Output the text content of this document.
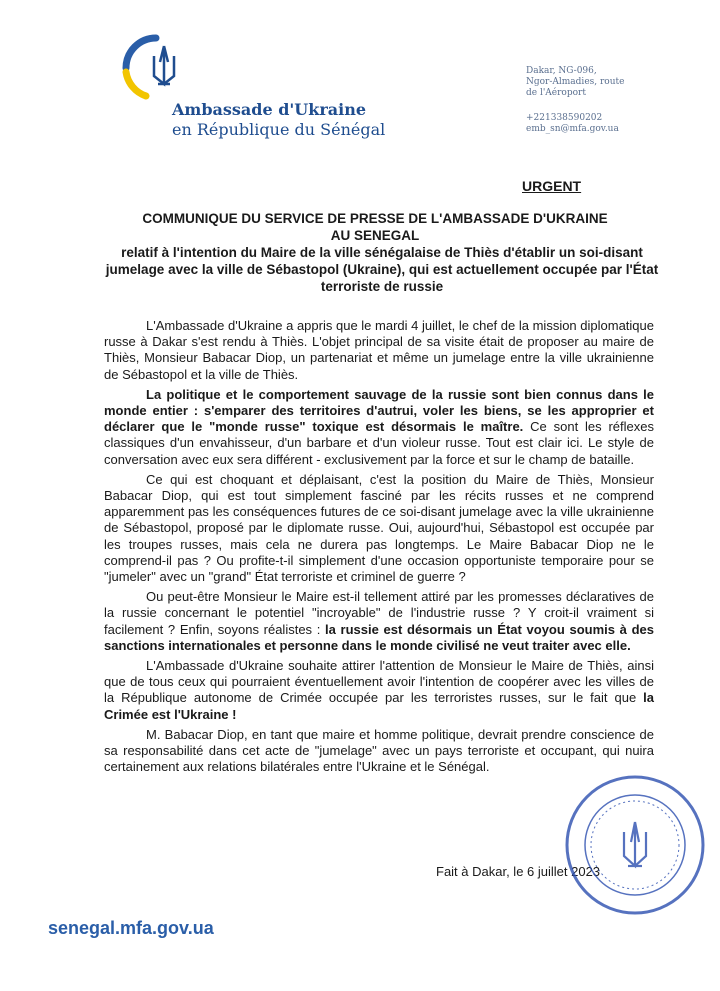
Ambassade d'Ukraine
en République du Sénégal

Dakar, NG-096,

Ngor-Almadies, route

de l'Aéroport

+221338590202

emb_sn@mfa.gov.ua

URGENT
COMMUNIQUE DU SERVICE DE PRESSE DE L'AMBASSADE D'UKRAINE
AU SENEGAL
relatif à l'intention du Maire de la ville sénégalaise de Thiès d'établir un soi-disant jumelage avec la ville de Sébastopol (Ukraine), qui est actuellement occupée par l'État terroriste de russie

L'Ambassade d'Ukraine a appris que le mardi 4 juillet, le chef de la mission diplomatique russe à Dakar s'est rendu à Thiès. L'objet principal de sa visite était de proposer au maire de Thiès, Monsieur Babacar Diop, un partenariat et même un jumelage entre la ville ukrainienne de Sébastopol et la ville de Thiès.

La politique et le comportement sauvage de la russie sont bien connus dans le monde entier : s'emparer des territoires d'autrui, voler les biens, se les approprier et déclarer que le "monde russe" toxique est désormais le maître. Ce sont les réflexes classiques d'un envahisseur, d'un barbare et d'un violeur russe. Tout est clair ici. Le style de conversation avec eux sera différent - exclusivement par la force et sur le champ de bataille.

Ce qui est choquant et déplaisant, c'est la position du Maire de Thiès, Monsieur Babacar Diop, qui est tout simplement fasciné par les récits russes et ne comprend apparemment pas les conséquences futures de ce soi-disant jumelage avec la ville ukrainienne de Sébastopol, proposé par le diplomate russe. Oui, aujourd'hui, Sébastopol est occupée par les troupes russes, mais cela ne durera pas longtemps. Le Maire Babacar Diop ne le comprend-il pas ? Ou profite-t-il simplement d'une occasion opportuniste temporaire pour se "jumeler" avec un "grand" État terroriste et criminel de guerre ?

Ou peut-être Monsieur le Maire est-il tellement attiré par les promesses déclaratives de la russie concernant le potentiel "incroyable" de l'industrie russe ? Y croit-il vraiment si facilement ? Enfin, soyons réalistes : la russie est désormais un État voyou soumis à des sanctions internationales et personne dans le monde civilisé ne veut traiter avec elle.

L'Ambassade d'Ukraine souhaite attirer l'attention de Monsieur le Maire de Thiès, ainsi que de tous ceux qui pourraient éventuellement avoir l'intention de coopérer avec les villes de la République autonome de Crimée occupée par les terroristes russes, sur le fait que la Crimée est l'Ukraine !

M. Babacar Diop, en tant que maire et homme politique, devrait prendre conscience de sa responsabilité dans cet acte de "jumelage" avec un pays terroriste et occupant, qui nuira certainement aux relations bilatérales entre l'Ukraine et le Sénégal.

Fait à Dakar, le 6 juillet 2023
senegal.mfa.gov.ua
